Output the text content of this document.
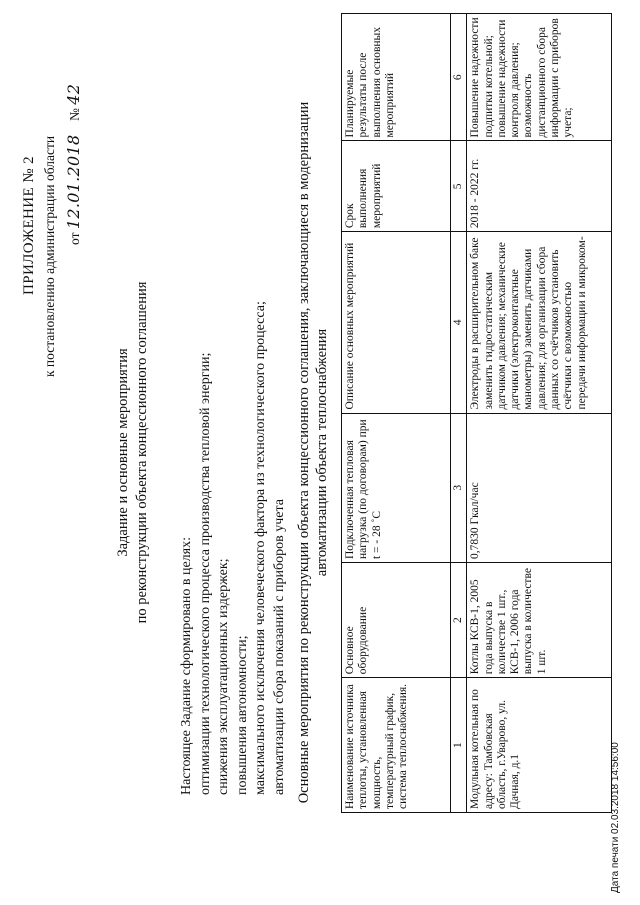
ПРИЛОЖЕНИЕ № 2 к постановлению администрации области от 12.01.2018    № 42
Задание и основные мероприятия по реконструкции объекта концессионного соглашения
Настоящее Задание сформировано в целях: оптимизации технологического процесса производства тепловой энергии; снижения эксплуатационных издержек; повышения автономности; максимального исключения человеческого фактора из технологического процесса; автоматизации сбора показаний с приборов учета Основные мероприятия по реконструкции объекта концессионного соглашения, заключающиеся в модернизации автоматизации объекта теплоснабжения
Наименование источника теплоты, установленная мощность, температурный график, система теплоснабжения.	Основное оборудование	Подключенная тепловая нагрузка (по договорам) при t = - 28 ˚С	Описание основных мероприятий	Срок выполнения мероприятий	Планируемые результаты после выполнения основных мероприятий
1	2	3	4	5	6
Модульная котельная по адресу: Тамбовская область, г.Уварово, ул. Дачная, д.1	Котлы КСВ-1, 2005 года выпуска в количестве 1 шт., КСВ-1, 2006 года выпуска в количестве 1 шт.	0,7830 Гкал/час	Электроды в расширительном баке заменить гидростатическим датчиком давления; механические датчики (электроконтактные манометры) заменить датчиками давления; для организации сбора данных со счётчиков установить счётчики с возможностью передачи информации и микроком-	2018 - 2022 гг.	Повышение надежности подпитки котельной; повышение надежности контроля давления; возможность дистанционного сбора информации с приборов учета;
Дата печати 02.03.2018 14:56:00
